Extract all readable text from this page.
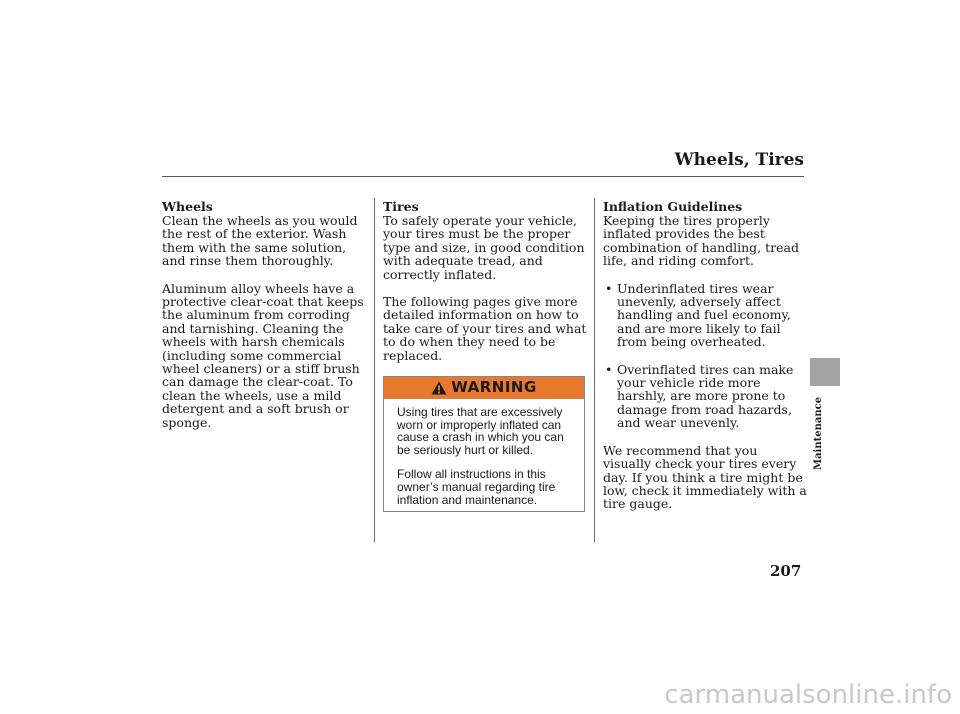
Wheels, Tires
Wheels

Clean the wheels as you would the rest of the exterior. Wash them with the same solution, and rinse them thoroughly.

Aluminum alloy wheels have a protective clear-coat that keeps the aluminum from corroding and tarnishing. Cleaning the wheels with harsh chemicals (including some commercial wheel cleaners) or a stiff brush can damage the clear-coat. To clean the wheels, use a mild detergent and a soft brush or sponge.

Tires

To safely operate your vehicle, your tires must be the proper type and size, in good condition with adequate tread, and correctly inflated.

The following pages give more detailed information on how to take care of your tires and what to do when they need to be replaced.

WARNING

Using tires that are excessively worn or improperly inflated can cause a crash in which you can be seriously hurt or killed.

Follow all instructions in this owner’s manual regarding tire inflation and maintenance.

Inflation Guidelines

Keeping the tires properly inflated provides the best combination of handling, tread life, and riding comfort.

• Underinflated tires wear unevenly, adversely affect handling and fuel economy, and are more likely to fail from being overheated.
• Overinflated tires can make your vehicle ride more harshly, are more prone to damage from road hazards, and wear unevenly.

We recommend that you visually check your tires every day. If you think a tire might be low, check it immediately with a tire gauge.

Maintenance
207
carmanualsonline.info
